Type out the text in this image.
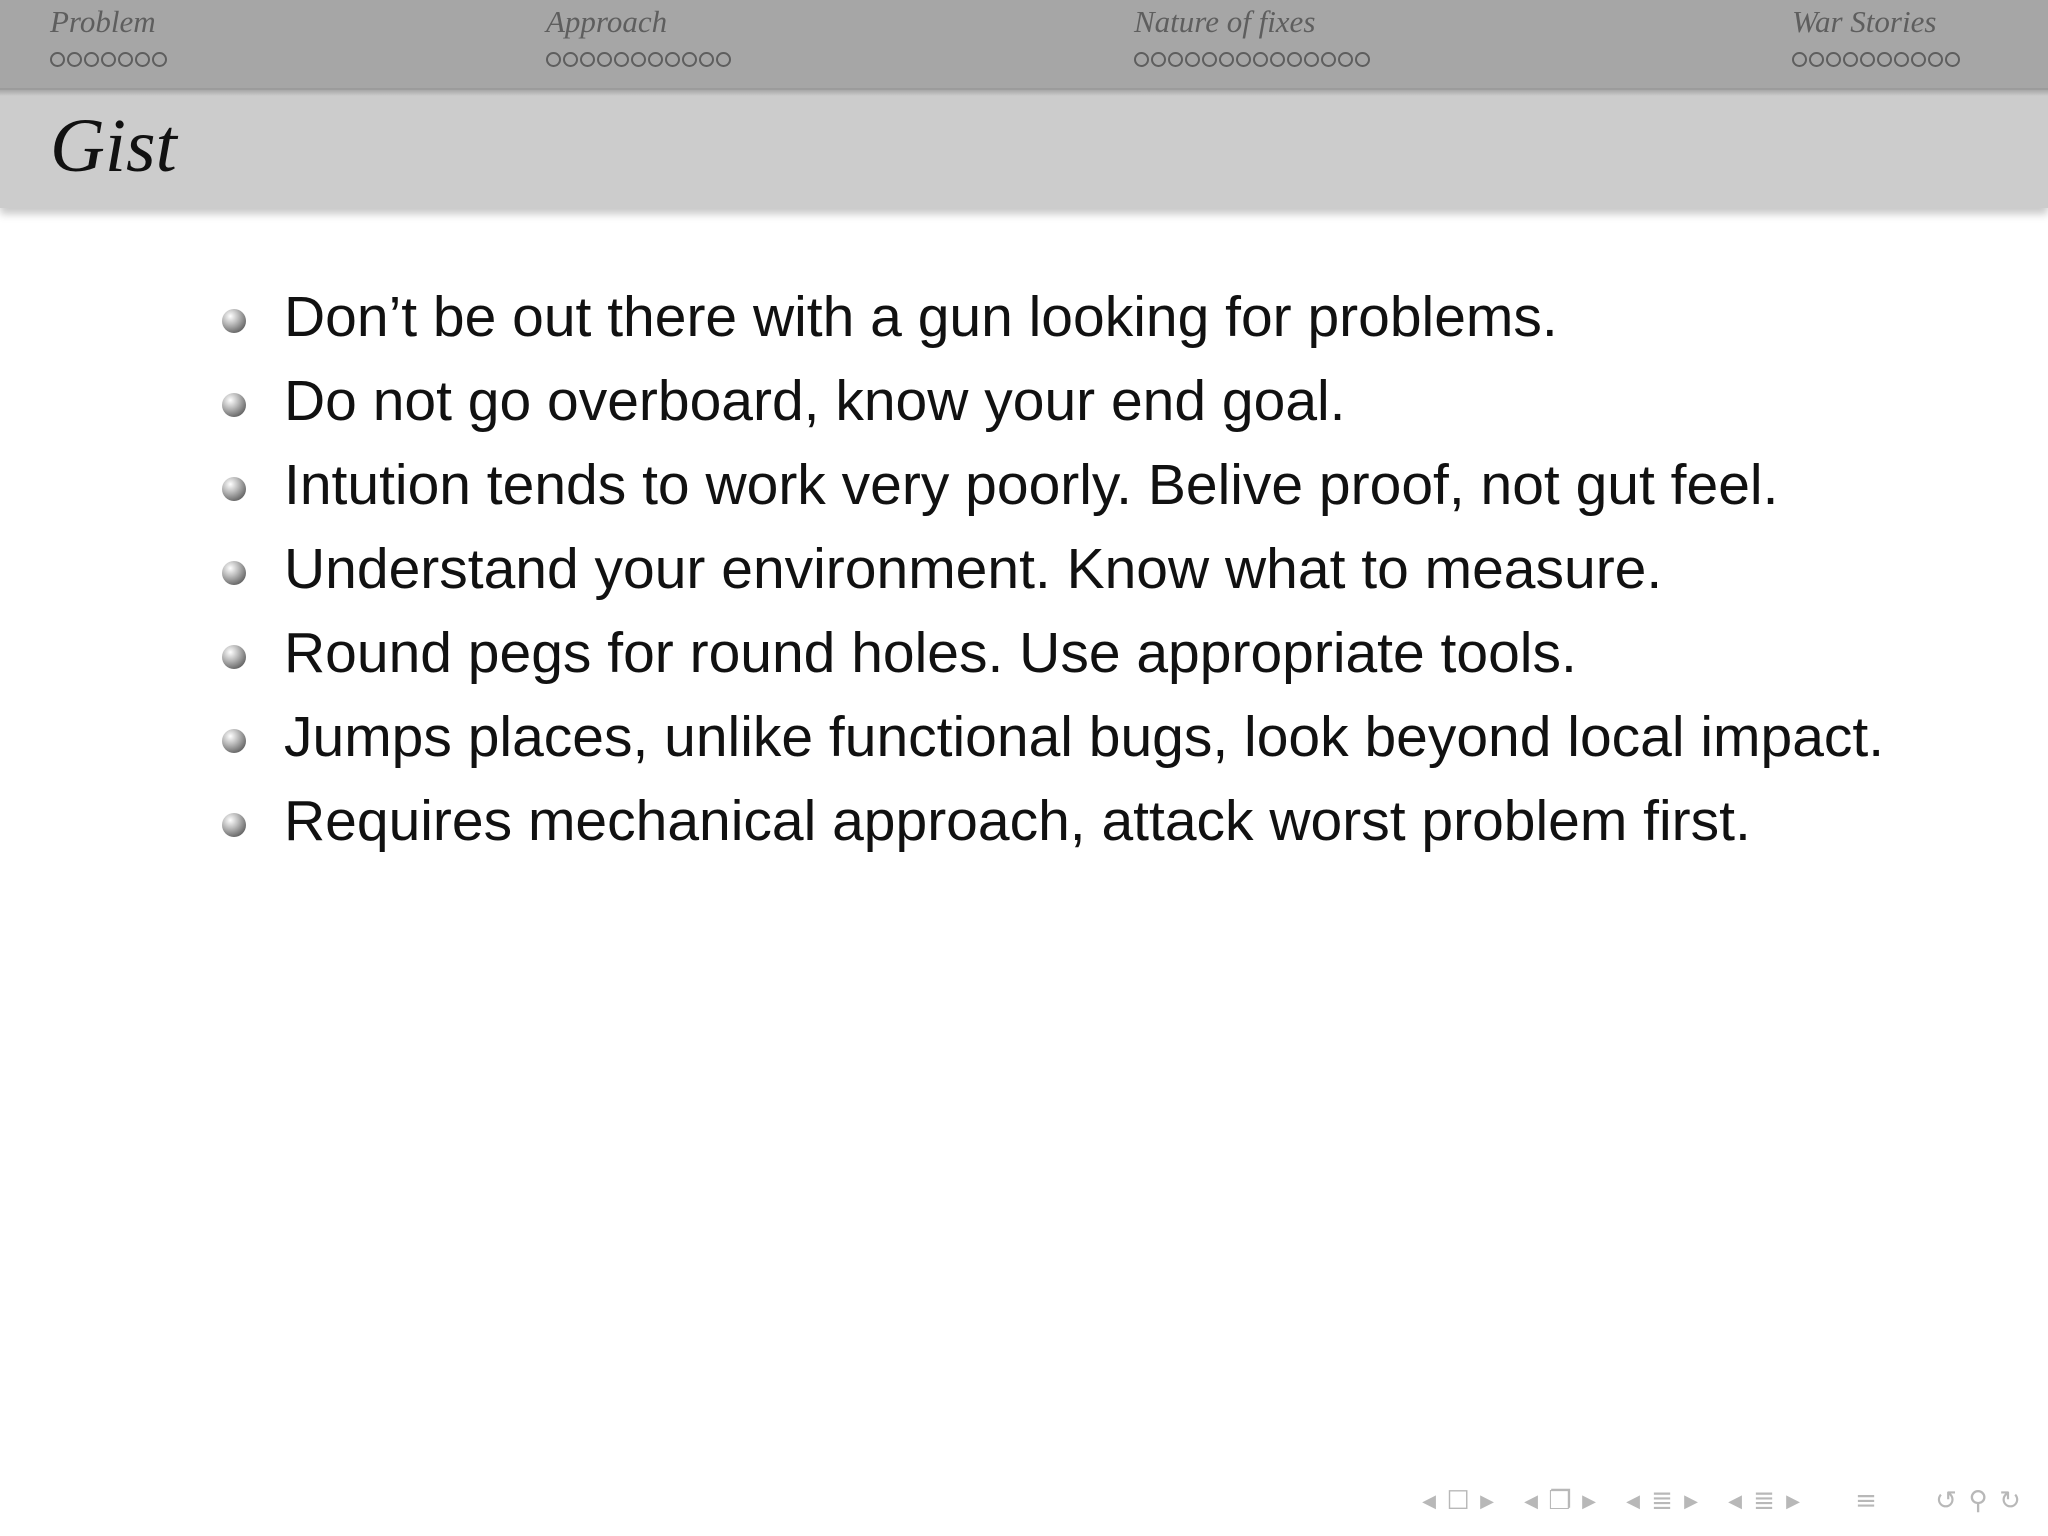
Problem	Approach	Nature of fixes	War Stories
Gist
Don’t be out there with a gun looking for problems.
Do not go overboard, know your end goal.
Intution tends to work very poorly. Belive proof, not gut feel.
Understand your environment. Know what to measure.
Round pegs for round holes. Use appropriate tools.
Jumps places, unlike functional bugs, look beyond local impact.
Requires mechanical approach, attack worst problem first.
◀ ☐ ▶ ◀ ❐ ▶ ◀ ≣ ▶ ◀ ≣ ▶ ≡ ↺ ⚲ ↻
